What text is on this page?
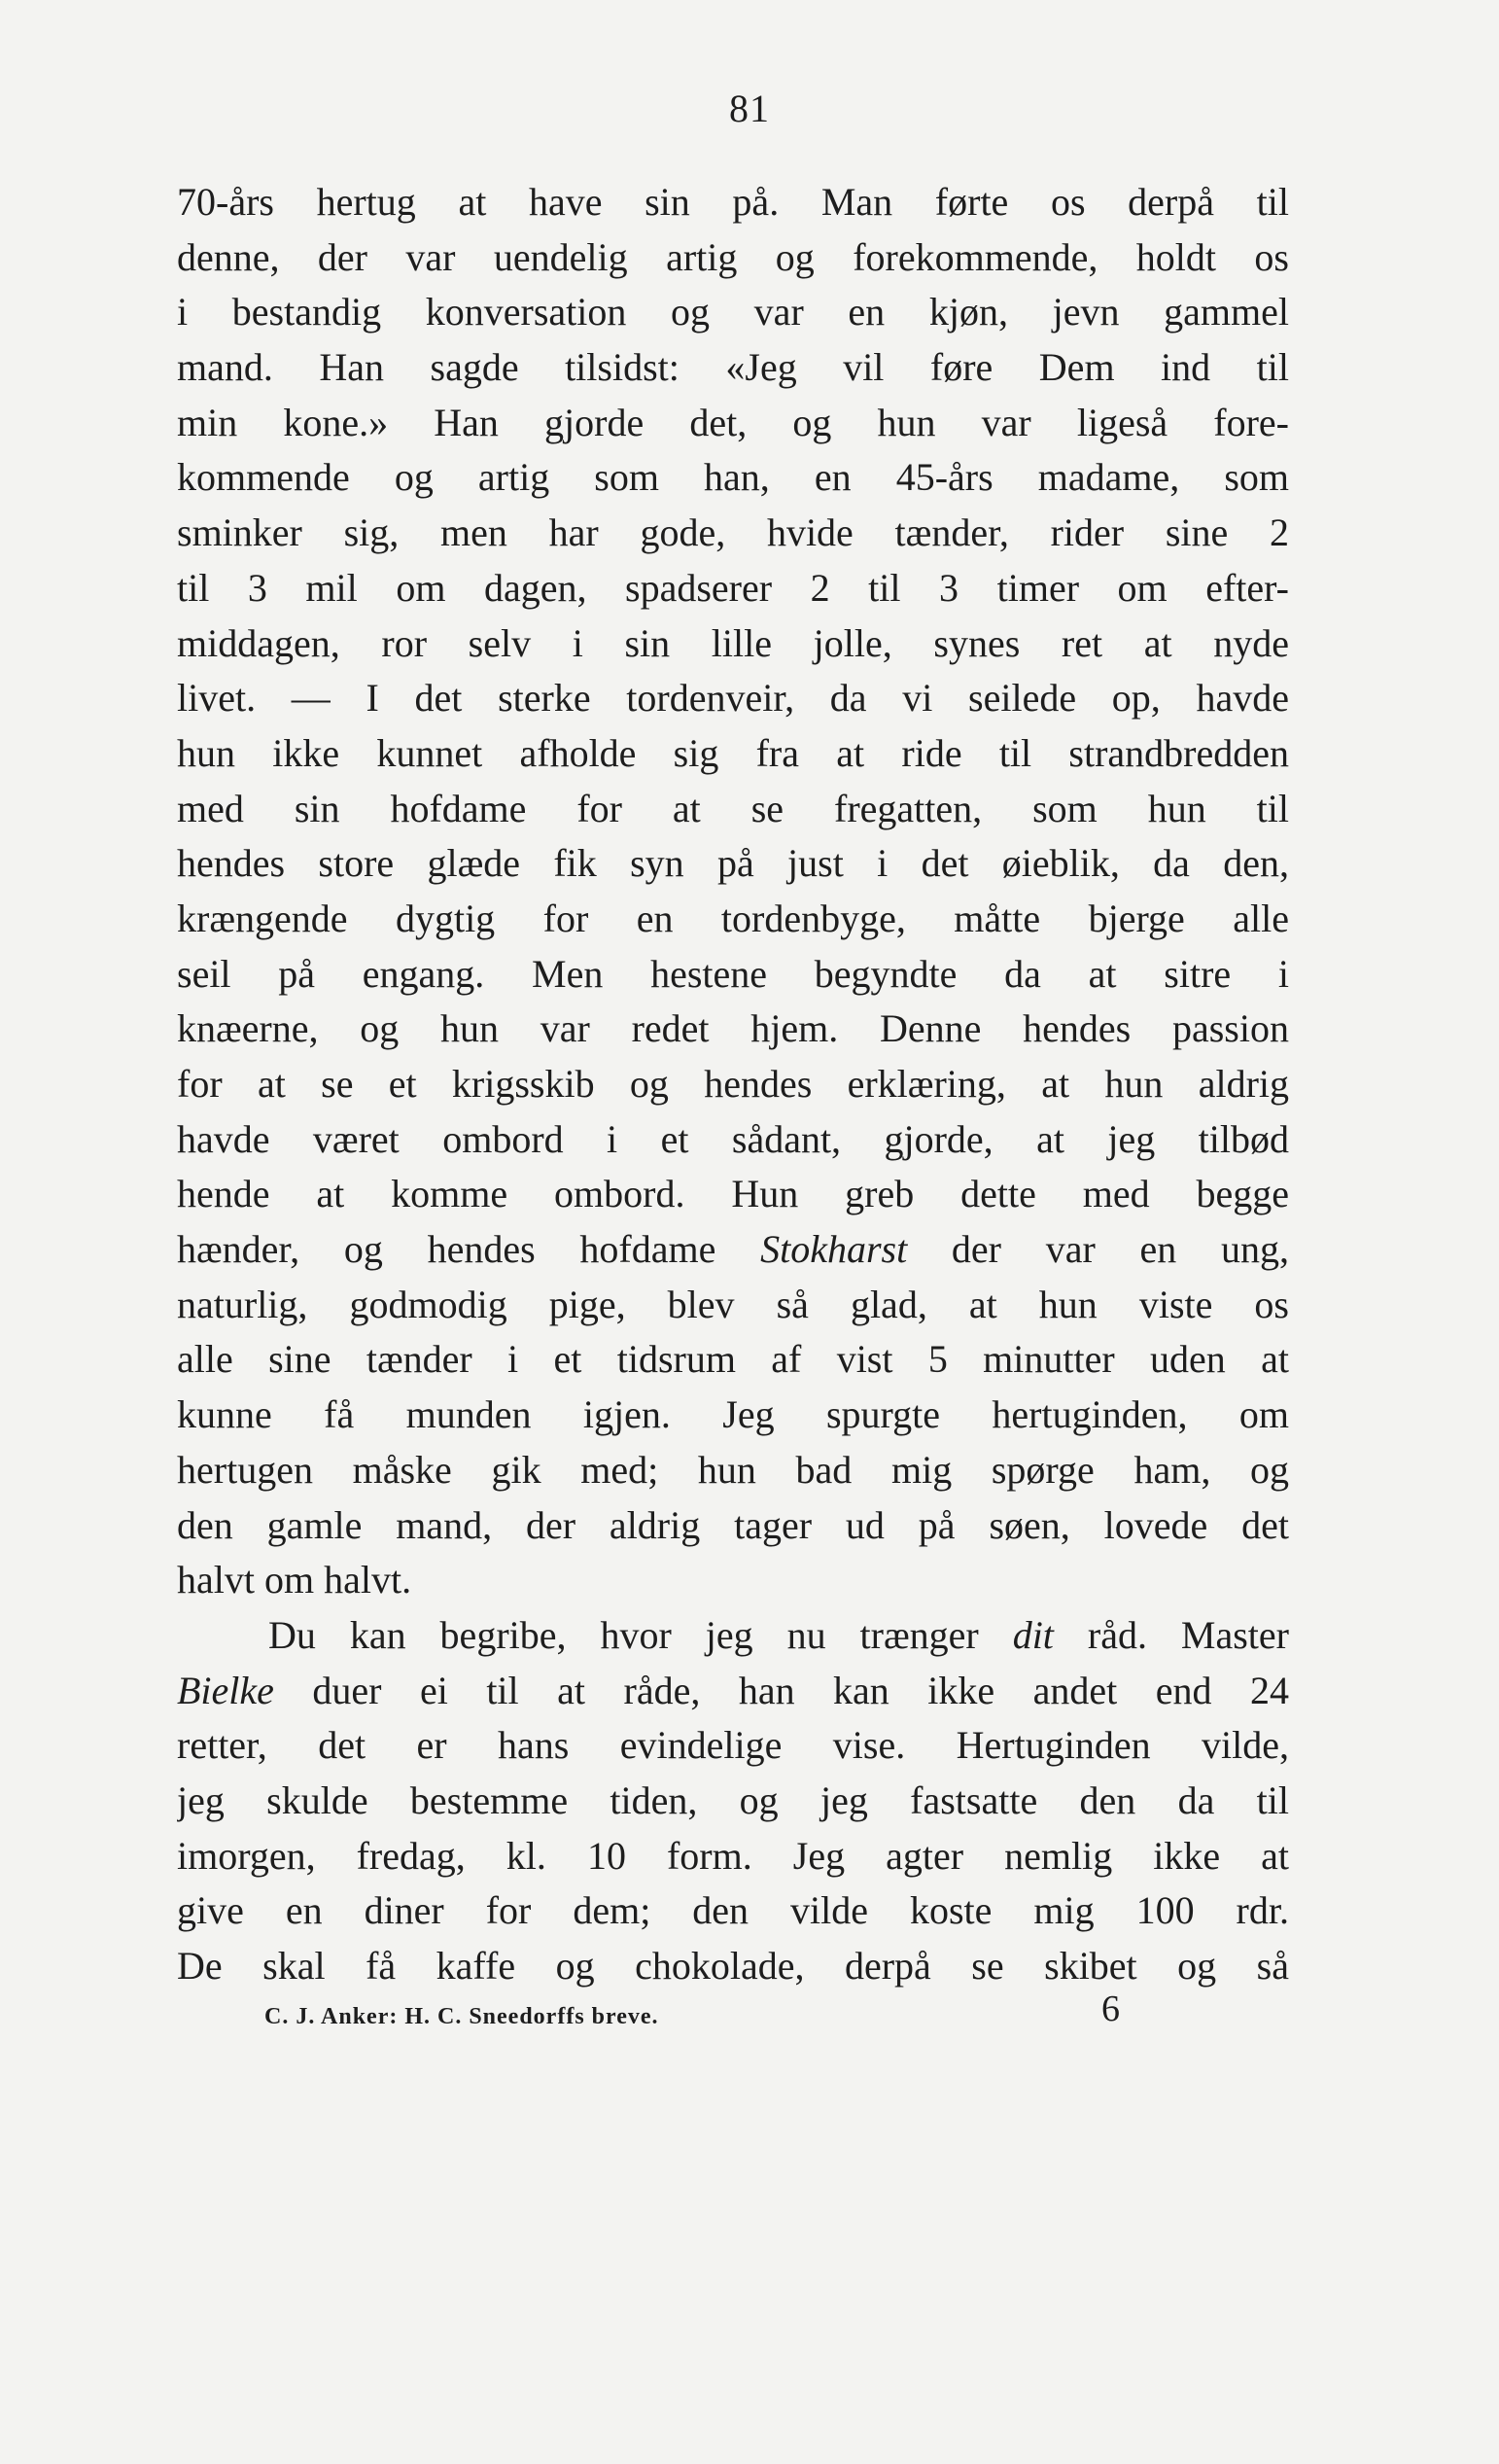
81
70-års hertug at have sin på. Man førte os derpå til
denne, der var uendelig artig og forekommende, holdt os
i bestandig konversation og var en kjøn, jevn gammel
mand. Han sagde tilsidst: «Jeg vil føre Dem ind til
min kone.» Han gjorde det, og hun var ligeså fore-
kommende og artig som han, en 45-års madame, som
sminker sig, men har gode, hvide tænder, rider sine 2
til 3 mil om dagen, spadserer 2 til 3 timer om efter-
middagen, ror selv i sin lille jolle, synes ret at nyde
livet. — I det sterke tordenveir, da vi seilede op, havde
hun ikke kunnet afholde sig fra at ride til strandbredden
med sin hofdame for at se fregatten, som hun til
hendes store glæde fik syn på just i det øieblik, da den,
krængende dygtig for en tordenbyge, måtte bjerge alle
seil på engang. Men hestene begyndte da at sitre i
knæerne, og hun var redet hjem. Denne hendes passion
for at se et krigsskib og hendes erklæring, at hun aldrig
havde været ombord i et sådant, gjorde, at jeg tilbød
hende at komme ombord. Hun greb dette med begge
hænder, og hendes hofdame Stokharst der var en ung,
naturlig, godmodig pige, blev så glad, at hun viste os
alle sine tænder i et tidsrum af vist 5 minutter uden at
kunne få munden igjen. Jeg spurgte hertuginden, om
hertugen måske gik med; hun bad mig spørge ham, og
den gamle mand, der aldrig tager ud på søen, lovede det
halvt om halvt.
Du kan begribe, hvor jeg nu trænger dit råd. Master
Bielke duer ei til at råde, han kan ikke andet end 24
retter, det er hans evindelige vise. Hertuginden vilde,
jeg skulde bestemme tiden, og jeg fastsatte den da til
imorgen, fredag, kl. 10 form. Jeg agter nemlig ikke at
give en diner for dem; den vilde koste mig 100 rdr.
De skal få kaffe og chokolade, derpå se skibet og så
C. J. Anker: H. C. Sneedorffs breve.	6
